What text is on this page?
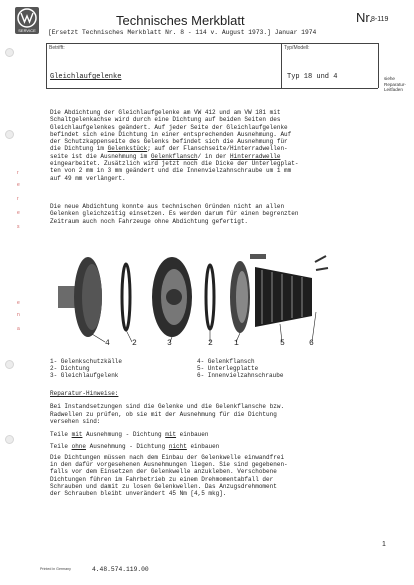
SERVICE
Technisches Merkblatt	Nr.
8-119
[Ersetzt Technisches Merkblatt Nr. 8 - 114 v. August 1973.] Januar 1974
Betrifft:	Typ/Modell:
Gleichlaufgelenke	Typ 18 und 4	siehe
Reparatur-
Leitfaden
r
e
r
e
s
e
n
a
Die Abdichtung der Gleichlaufgelenke am VW 412 und am VW 181 mit
Schaltgelenkachse wird durch eine Dichtung auf beiden Seiten des
Gleichlaufgelenkes geändert. Auf jeder Seite der Gleichlaufgelenke
befindet sich eine Dichtung in einer entsprechenden Ausnehmung. Auf
der Schutzkappenseite des Gelenks befindet sich die Ausnehmung für
die Dichtung im Gelenkstück; auf der Flanschseite/Hinterradwellen-
seite ist die Ausnehmung im Gelenkflansch/ in der Hinterradwelle
eingearbeitet. Zusätzlich wird jetzt noch die Dicke der Unterlegplat-
ten von 2 mm in 3 mm geändert und die Innenvielzahnschraube um 1 mm
auf 49 mm verlängert.
Die neue Abdichtung konnte aus technischen Gründen nicht an allen
Gelenken gleichzeitig einsetzen. Es werden darum für einen begrenzten
Zeitraum auch noch Fahrzeuge ohne Abdichtung gefertigt.
4	2	3	2	1	5	6
1- Gelenkschutzkälle
2- Dichtung
3- Gleichlaufgelenk
4- Gelenkflansch
5- Unterlegplatte
6- Innenvielzahnschraube
Reparatur-Hinweise:
Bei Instandsetzungen sind die Gelenke und die Gelenkflansche bzw.
Radwellen zu prüfen, ob sie mit der Ausnehmung für die Dichtung
versehen sind:
Teile mit Ausnehmung - Dichtung mit einbauen
Teile ohne Ausnehmung - Dichtung nicht einbauen
Die Dichtungen müssen nach dem Einbau der Gelenkwelle einwandfrei
in den dafür vorgesehenen Ausnehmungen liegen. Sie sind gegebenen-
falls vor dem Einsetzen der Gelenkwelle anzukleben. Verschobene
Dichtungen führen im Fahrbetrieb zu einem Drehmomentabfall der
Schrauben und damit zu losen Gelenkwellen. Das Anzugsdrehmoment
der Schrauben bleibt unverändert 45 Nm [4,5 mkg].
1
Printed in Germany	4.48.574.119.00
